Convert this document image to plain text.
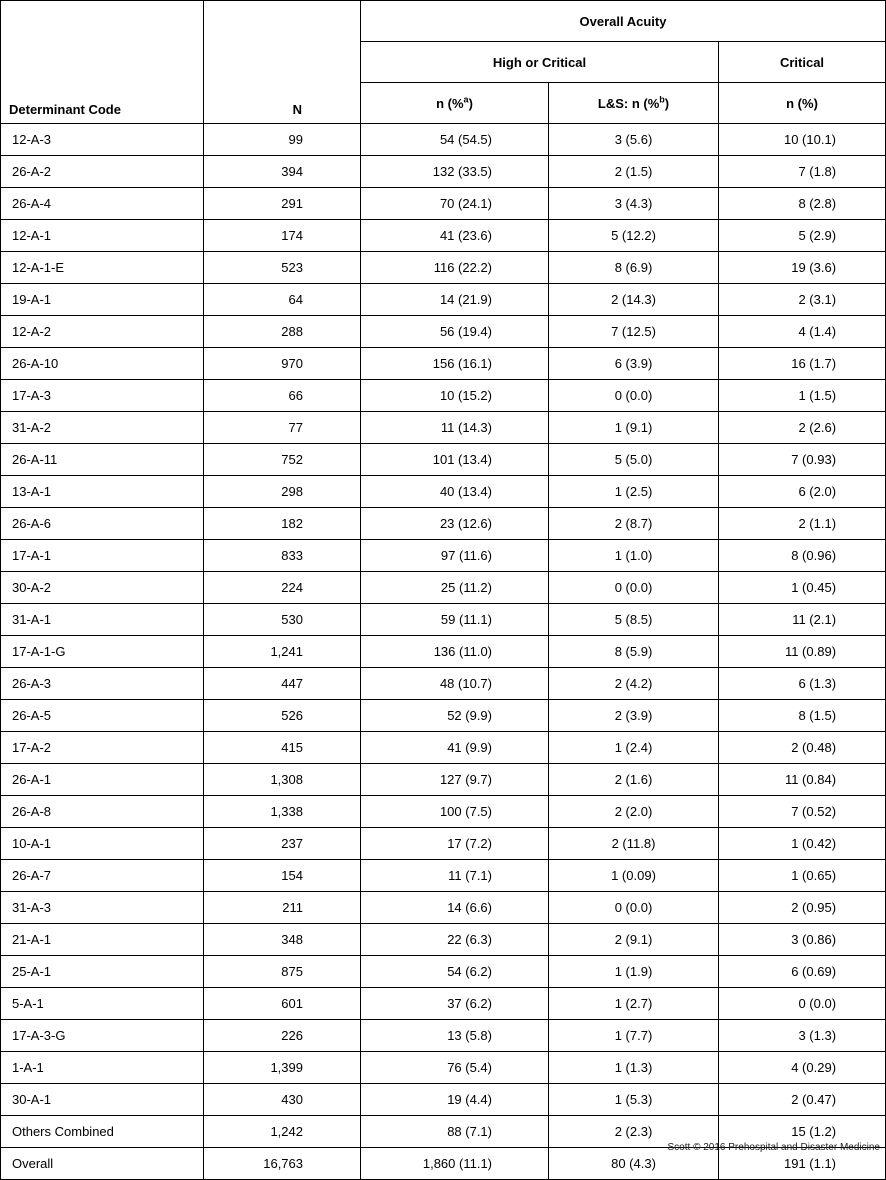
Determinant Code	N	Overall Acuity		
		High or Critical		Critical
		n (%$^a$)	L&S: n (%$^b$)	n (%)
12-A-3	99	54 (54.5)	3 (5.6)	10 (10.1)
26-A-2	394	132 (33.5)	2 (1.5)	7 (1.8)
26-A-4	291	70 (24.1)	3 (4.3)	8 (2.8)
12-A-1	174	41 (23.6)	5 (12.2)	5 (2.9)
12-A-1-E	523	116 (22.2)	8 (6.9)	19 (3.6)
19-A-1	64	14 (21.9)	2 (14.3)	2 (3.1)
12-A-2	288	56 (19.4)	7 (12.5)	4 (1.4)
26-A-10	970	156 (16.1)	6 (3.9)	16 (1.7)
17-A-3	66	10 (15.2)	0 (0.0)	1 (1.5)
31-A-2	77	11 (14.3)	1 (9.1)	2 (2.6)
26-A-11	752	101 (13.4)	5 (5.0)	7 (0.93)
13-A-1	298	40 (13.4)	1 (2.5)	6 (2.0)
26-A-6	182	23 (12.6)	2 (8.7)	2 (1.1)
17-A-1	833	97 (11.6)	1 (1.0)	8 (0.96)
30-A-2	224	25 (11.2)	0 (0.0)	1 (0.45)
31-A-1	530	59 (11.1)	5 (8.5)	11 (2.1)
17-A-1-G	1,241	136 (11.0)	8 (5.9)	11 (0.89)
26-A-3	447	48 (10.7)	2 (4.2)	6 (1.3)
26-A-5	526	52 (9.9)	2 (3.9)	8 (1.5)
17-A-2	415	41 (9.9)	1 (2.4)	2 (0.48)
26-A-1	1,308	127 (9.7)	2 (1.6)	11 (0.84)
26-A-8	1,338	100 (7.5)	2 (2.0)	7 (0.52)
10-A-1	237	17 (7.2)	2 (11.8)	1 (0.42)
26-A-7	154	11 (7.1)	1 (0.09)	1 (0.65)
31-A-3	211	14 (6.6)	0 (0.0)	2 (0.95)
21-A-1	348	22 (6.3)	2 (9.1)	3 (0.86)
25-A-1	875	54 (6.2)	1 (1.9)	6 (0.69)
5-A-1	601	37 (6.2)	1 (2.7)	0 (0.0)
17-A-3-G	226	13 (5.8)	1 (7.7)	3 (1.3)
1-A-1	1,399	76 (5.4)	1 (1.3)	4 (0.29)
30-A-1	430	19 (4.4)	1 (5.3)	2 (0.47)
Others Combined	1,242	88 (7.1)	2 (2.3)	15 (1.2)
Overall	16,763	1,860 (11.1)	80 (4.3)	191 (1.1)
Scott © 2016 Prehospital and Disaster Medicine
